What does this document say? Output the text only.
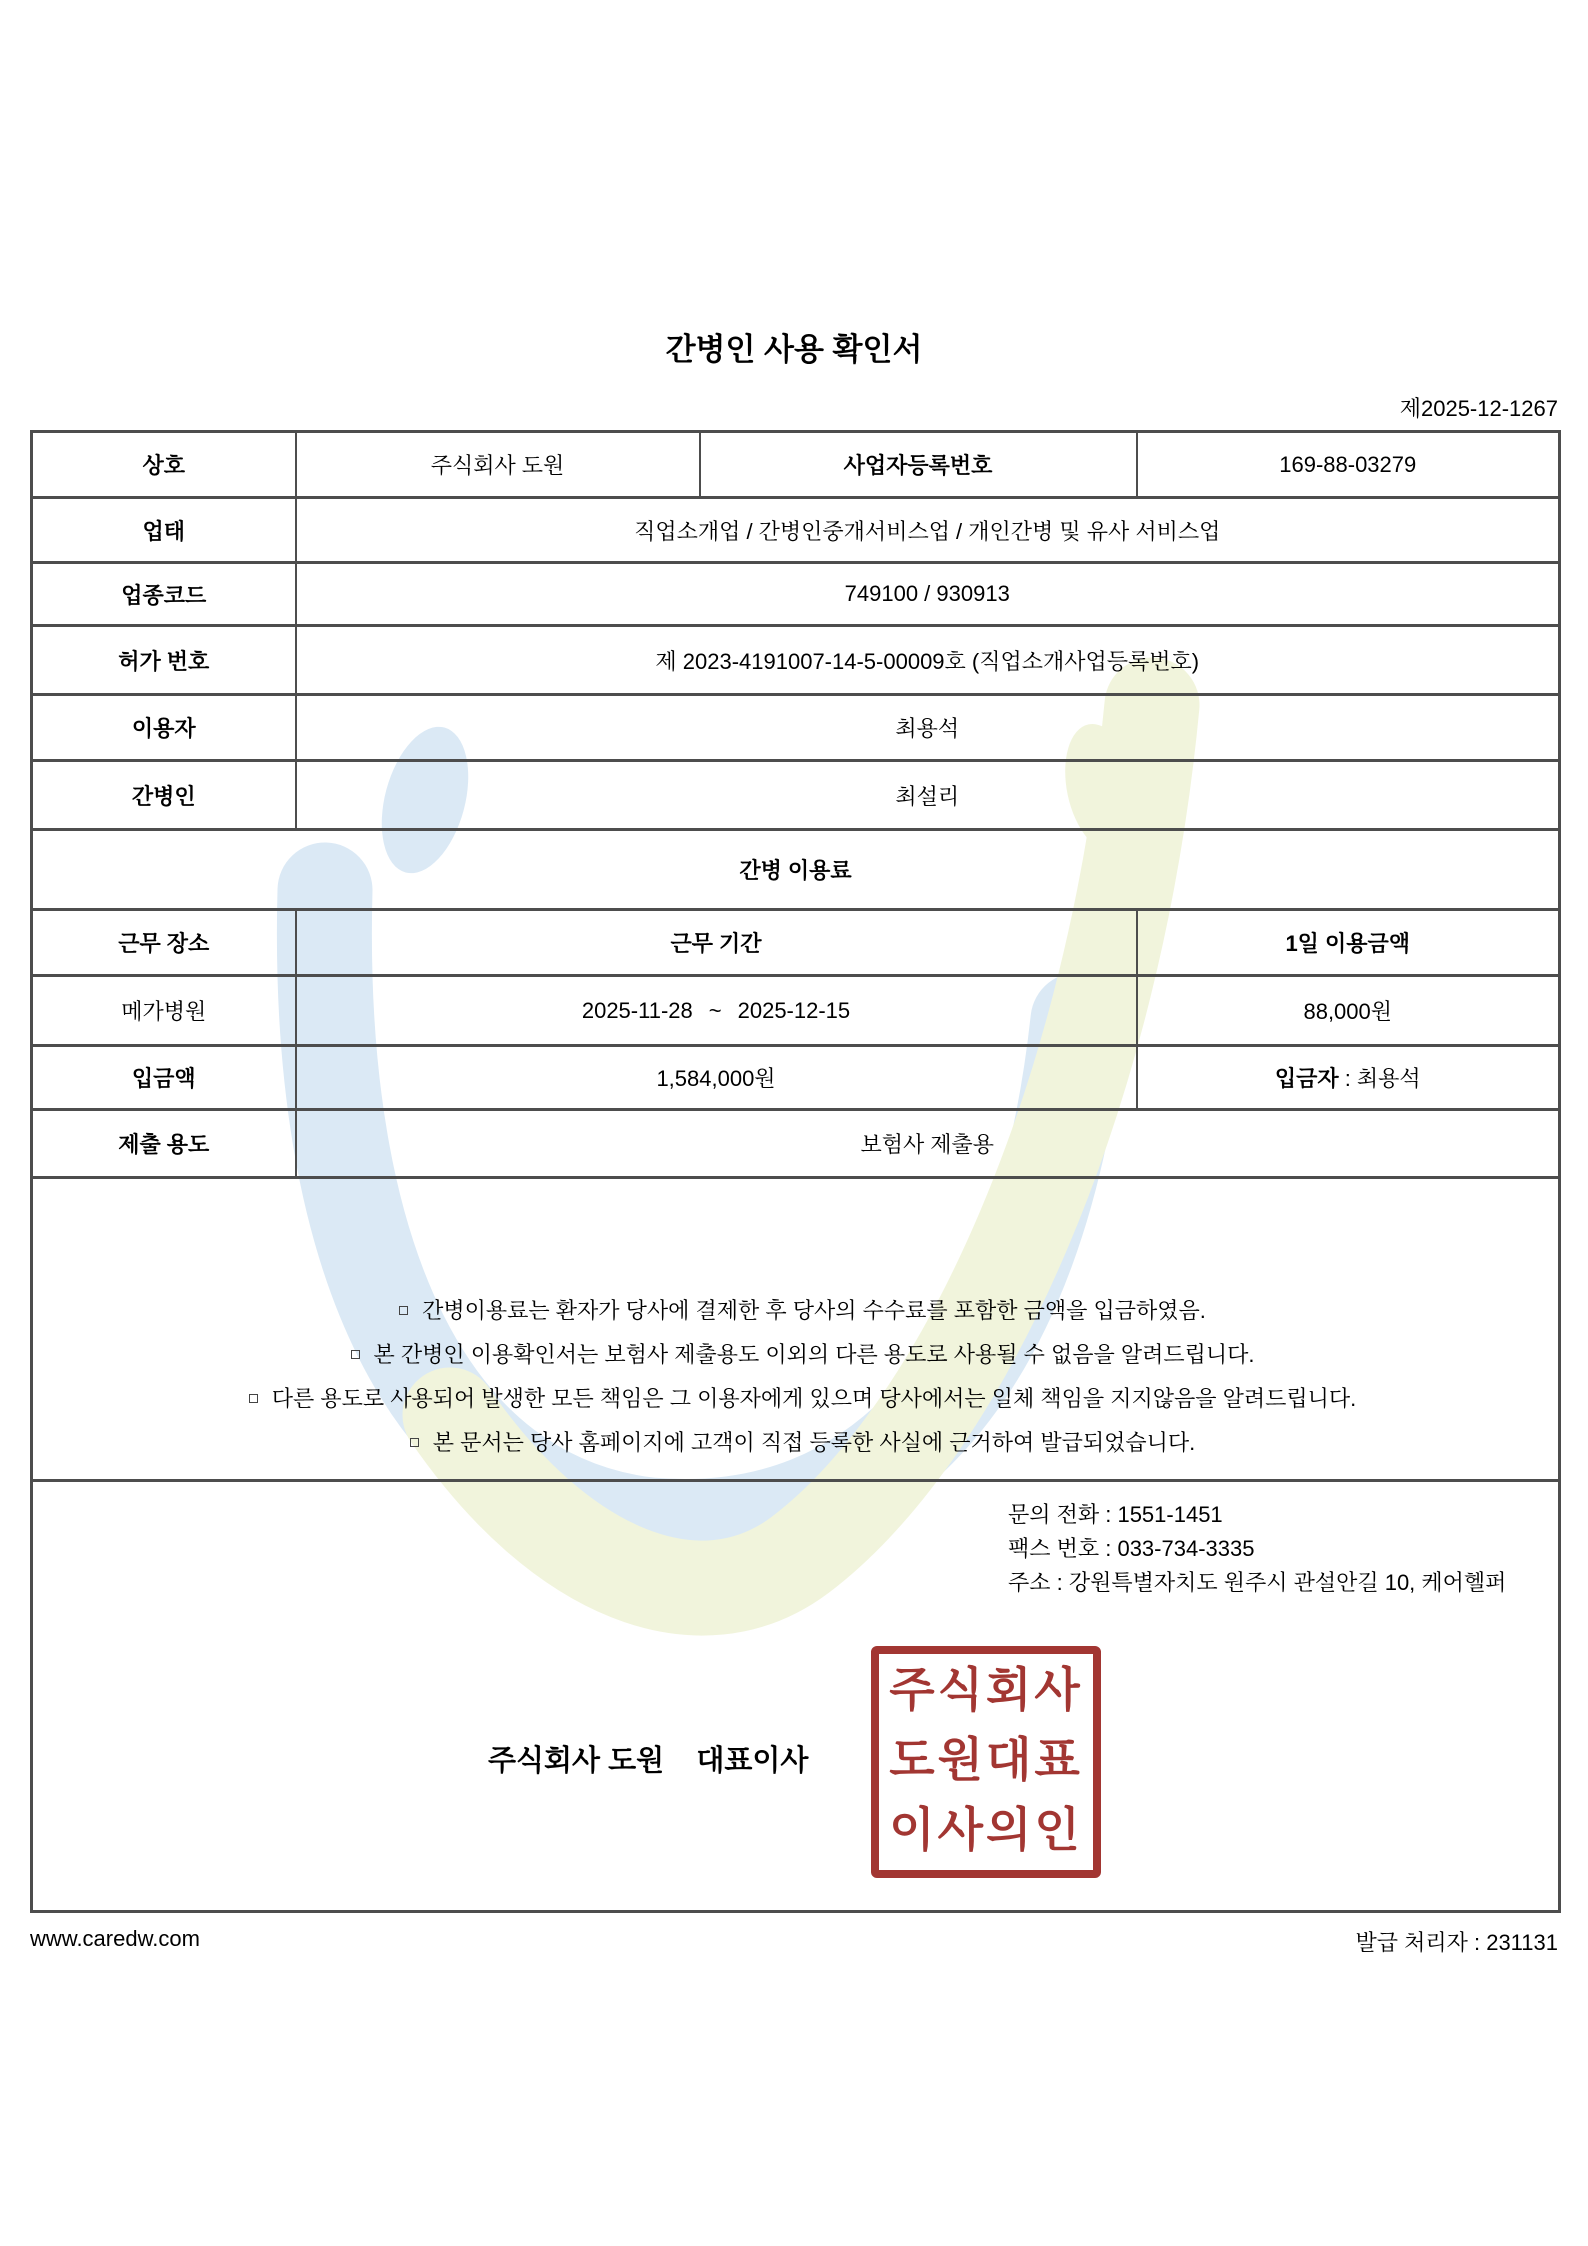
간병인 사용 확인서
제2025-12-1267
상호	주식회사 도원	사업자등록번호	169-88-03279
업태	직업소개업 / 간병인중개서비스업 / 개인간병 및 유사 서비스업		
업종코드	749100 / 930913		
허가 번호	제 2023-4191007-14-5-00009호 (직업소개사업등록번호)		
이용자	최용석		
간병인	최설리		
간병 이용료			
근무 장소	근무 기간		1일 이용금액
메가병원	2025-11-28 ~ 2025-12-15		88,000원
입금액	1,584,000원		입금자 : 최용석
제출 용도	보험사 제출용		

간병이용료는 환자가 당사에 결제한 후 당사의 수수료를 포함한 금액을 입금하였음.
본 간병인 이용확인서는 보험사 제출용도 이외의 다른 용도로 사용될 수 없음을 알려드립니다.
다른 용도로 사용되어 발생한 모든 책임은 그 이용자에게 있으며 당사에서는 일체 책임을 지지않음을 알려드립니다.
본 문서는 당사 홈페이지에 고객이 직접 등록한 사실에 근거하여 발급되었습니다.			

문의 전화 : 1551-1451
팩스 번호 : 033-734-3335
주소 : 강원특별자치도 원주시 관설안길 10, 케어헬퍼
주식회사 도원    대표이사
주식회사
도원대표
이사의인
www.caredw.com	발급 처리자 : 231131
